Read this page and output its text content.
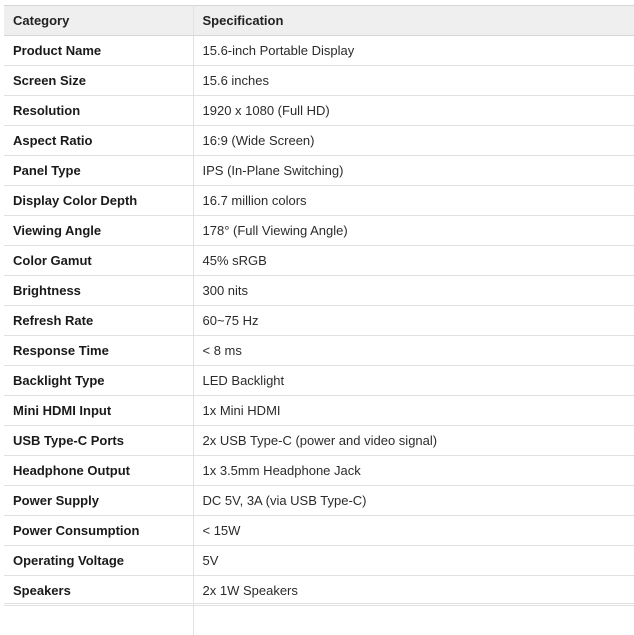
Category	Specification
Product Name	15.6-inch Portable Display
Screen Size	15.6 inches
Resolution	1920 x 1080 (Full HD)
Aspect Ratio	16:9 (Wide Screen)
Panel Type	IPS (In-Plane Switching)
Display Color Depth	16.7 million colors
Viewing Angle	178° (Full Viewing Angle)
Color Gamut	45% sRGB
Brightness	300 nits
Refresh Rate	60~75 Hz
Response Time	< 8 ms
Backlight Type	LED Backlight
Mini HDMI Input	1x Mini HDMI
USB Type-C Ports	2x USB Type-C (power and video signal)
Headphone Output	1x 3.5mm Headphone Jack
Power Supply	DC 5V, 3A (via USB Type-C)
Power Consumption	< 15W
Operating Voltage	5V
Speakers	2x 1W Speakers
